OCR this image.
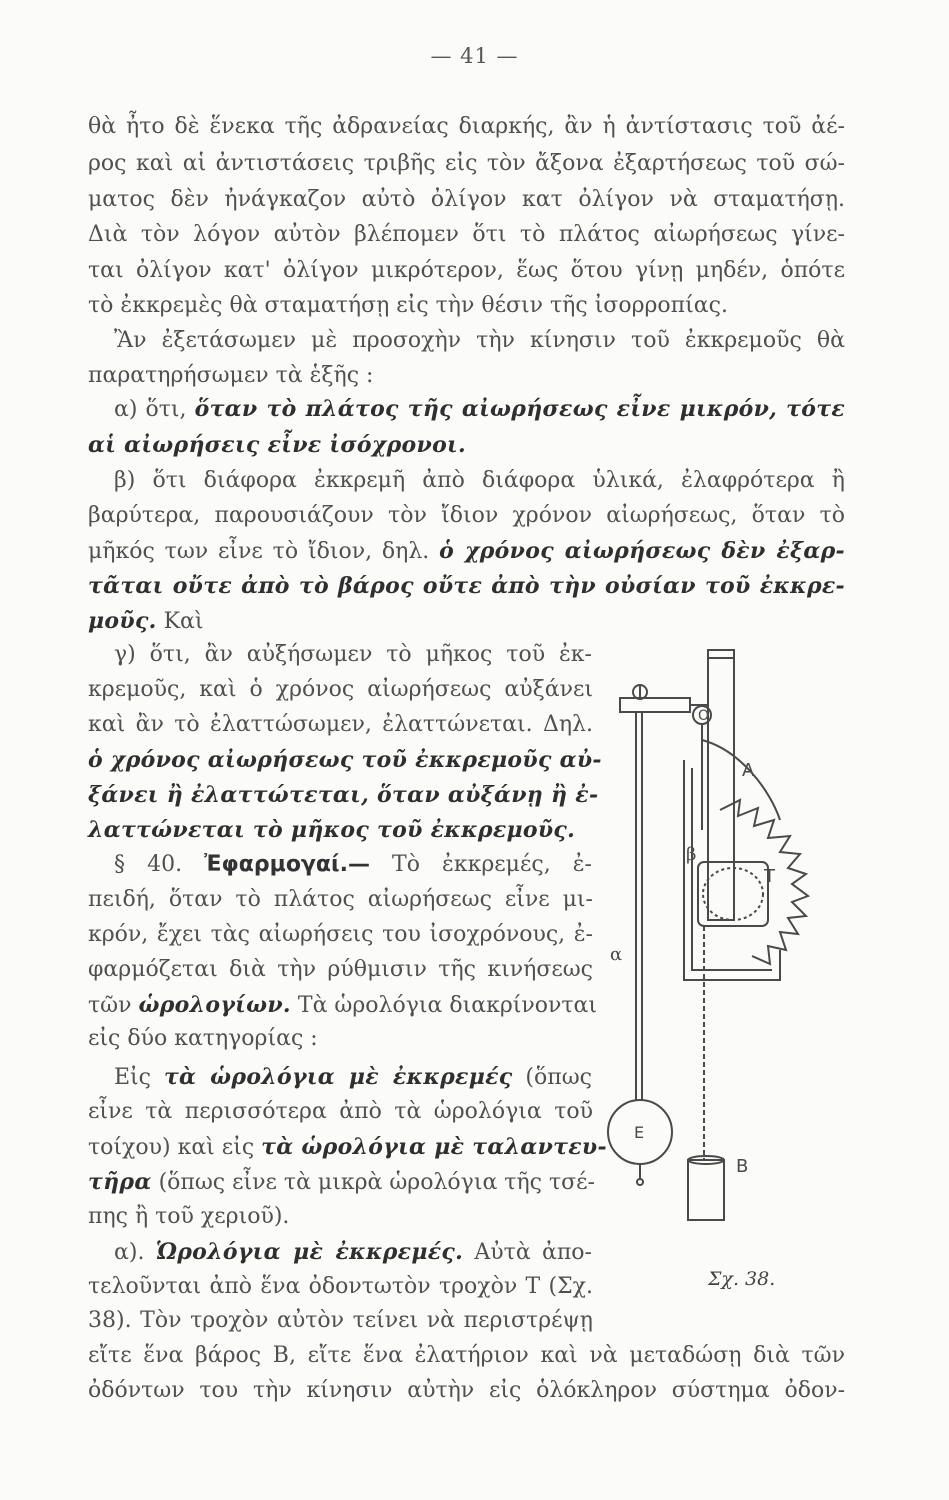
— 41 —
θὰ ἦτο δὲ ἕνεκα τῆς ἀδρανείας διαρκής, ἂν ἡ ἀντίστασις τοῦ ἀέ-
ρος καὶ αἱ ἀντιστάσεις τριβῆς εἰς τὸν ἄξονα ἐξαρτήσεως τοῦ σώ-
ματος δὲν ἠνάγκαζον αὐτὸ ὀλίγον κατ ὀλίγον νὰ σταματήσῃ.
Διὰ τὸν λόγον αὐτὸν βλέπομεν ὅτι τὸ πλάτος αἰωρήσεως γίνε-
ται ὀλίγον κατ' ὀλίγον μικρότερον, ἕως ὅτου γίνῃ μηδέν, ὁπότε
τὸ ἐκκρεμὲς θὰ σταματήσῃ εἰς τὴν θέσιν τῆς ἰσορροπίας.
Ἂν ἐξετάσωμεν μὲ προσοχὴν τὴν κίνησιν τοῦ ἐκκρεμοῦς θὰ
παρατηρήσωμεν τὰ ἑξῆς :
α) ὅτι, ὅταν τὸ πλάτος τῆς αἰωρήσεως εἶνε μικρόν, τότε
αἱ αἰωρήσεις εἶνε ἰσόχρονοι.
β) ὅτι διάφορα ἐκκρεμῆ ἀπὸ διάφορα ὑλικά, ἐλαφρότερα ἢ
βαρύτερα, παρουσιάζουν τὸν ἴδιον χρόνον αἰωρήσεως, ὅταν τὸ
μῆκός των εἶνε τὸ ἴδιον, δηλ. ὁ χρόνος αἰωρήσεως δὲν ἐξαρ-
τᾶται οὔτε ἀπὸ τὸ βάρος οὔτε ἀπὸ τὴν οὐσίαν τοῦ ἐκκρε-
μοῦς. Καὶ
γ) ὅτι, ἂν αὐξήσωμεν τὸ μῆκος τοῦ ἐκ-
κρεμοῦς, καὶ ὁ χρόνος αἰωρήσεως αὐξάνει
καὶ ἂν τὸ ἐλαττώσωμεν, ἐλαττώνεται. Δηλ.
ὁ χρόνος αἰωρήσεως τοῦ ἐκκρεμοῦς αὐ-
ξάνει ἢ ἐλαττώτεται, ὅταν αὐξάνῃ ἢ ἐ-
λαττώνεται τὸ μῆκος τοῦ ἐκκρεμοῦς.
§ 40. Ἐφαρμογαί.— Τὸ ἐκκρεμές, ἐ-
πειδή, ὅταν τὸ πλάτος αἰωρήσεως εἶνε μι-
κρόν, ἔχει τὰς αἰωρήσεις του ἰσοχρόνους, ἐ-
φαρμόζεται διὰ τὴν ρύθμισιν τῆς κινήσεως
τῶν ὡρολογίων. Τὰ ὡρολόγια διακρίνονται
εἰς δύο κατηγορίας :
Εἰς τὰ ὡρολόγια μὲ ἐκκρεμές (ὅπως
εἶνε τὰ περισσότερα ἀπὸ τὰ ὡρολόγια τοῦ
τοίχου) καὶ εἰς τὰ ὡρολόγια μὲ ταλαντευ-
τῆρα (ὅπως εἶνε τὰ μικρὰ ὡρολόγια τῆς τσέ-
πης ἢ τοῦ χεριοῦ).
α). Ὡρολόγια μὲ ἐκκρεμές. Αὐτὰ ἀπο-
τελοῦνται ἀπὸ ἕνα ὀδοντωτὸν τροχὸν Τ (Σχ.
38). Τὸν τροχὸν αὐτὸν τείνει νὰ περιστρέψῃ
εἴτε ἕνα βάρος Β, εἴτε ἕνα ἐλατήριον καὶ νὰ μεταδώσῃ διὰ τῶν
ὀδόντων του τὴν κίνησιν αὐτὴν εἰς ὁλόκληρον σύστημα ὀδον-
O
A
β
T
α
E
B
Σχ. 38.
